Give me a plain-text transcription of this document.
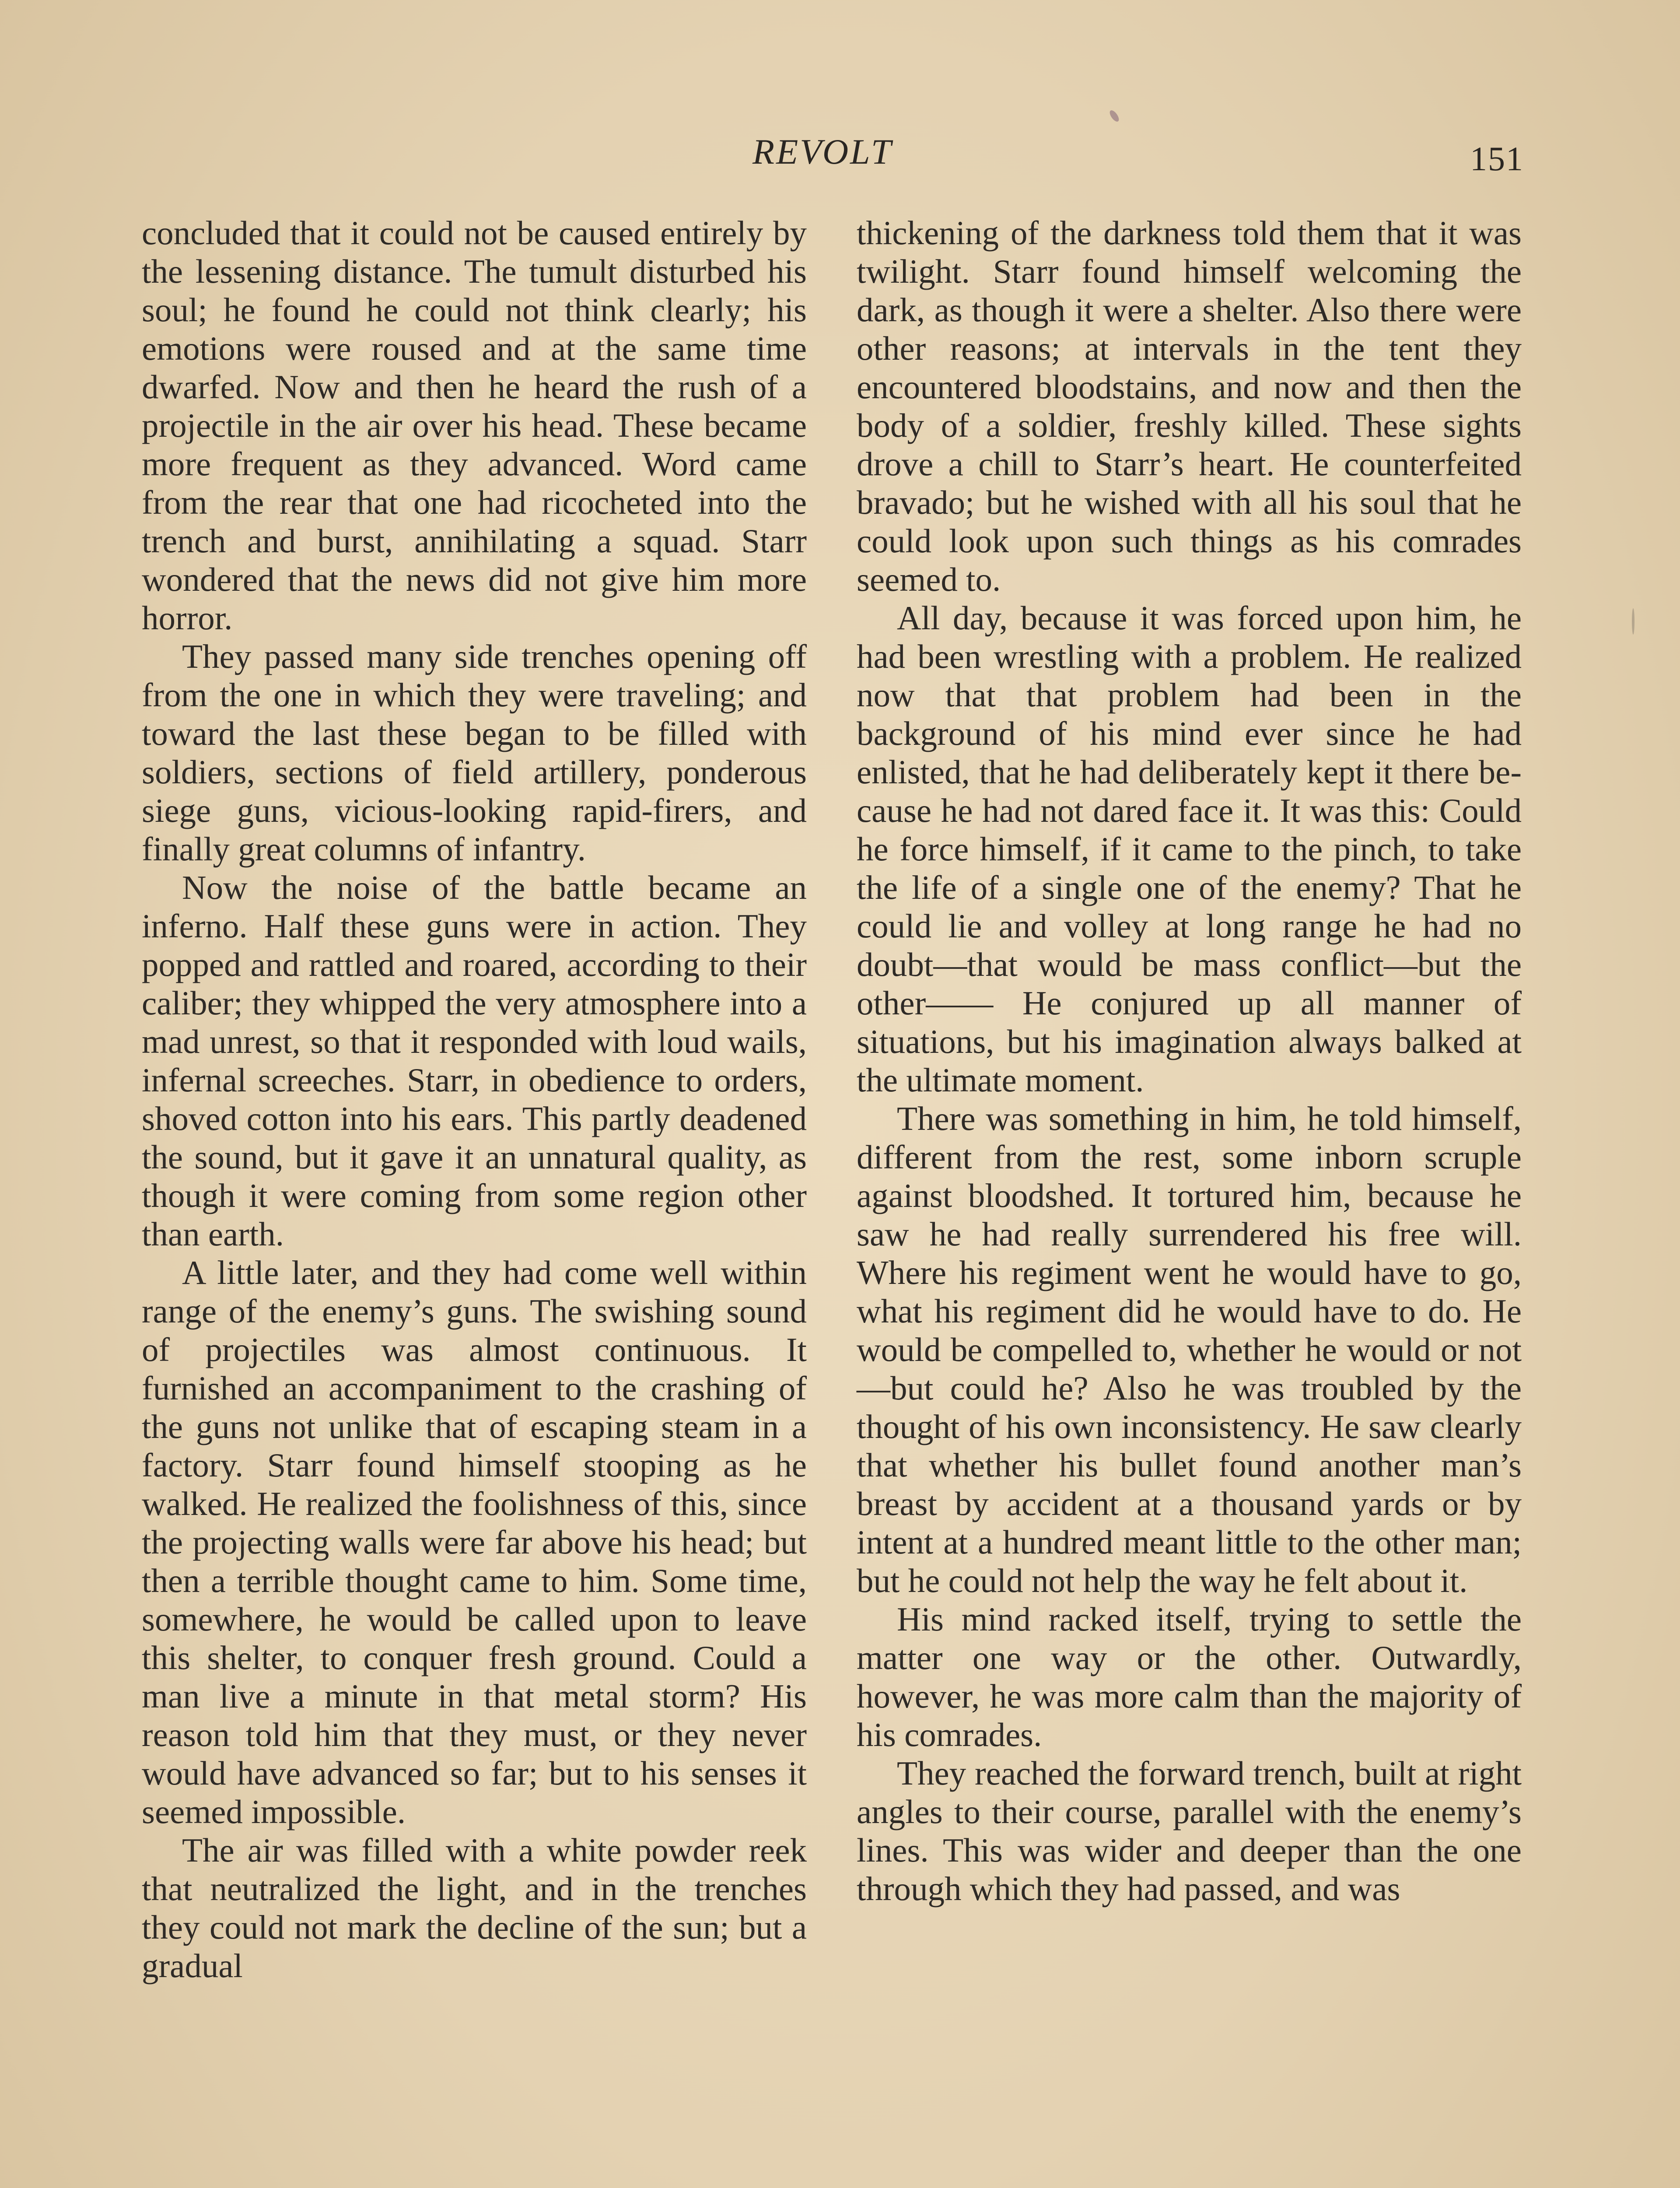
REVOLT	151

concluded that it could not be caused entirely by the lessening distance. The tumult disturbed his soul; he found he could not think clearly; his emotions were roused and at the same time dwarfed. Now and then he heard the rush of a projectile in the air over his head. These became more frequent as they advanced. Word came from the rear that one had ricocheted into the trench and burst, annihilating a squad. Starr wondered that the news did not give him more horror.

They passed many side trenches opening off from the one in which they were traveling; and toward the last these began to be filled with soldiers, sections of field artillery, ponderous siege guns, vicious-looking rapid-firers, and finally great columns of infantry.

Now the noise of the battle became an inferno. Half these guns were in action. They popped and rattled and roared, according to their caliber; they whipped the very atmosphere into a mad unrest, so that it responded with loud wails, infernal screeches. Starr, in obedience to orders, shoved cotton into his ears. This partly deadened the sound, but it gave it an unnatural quality, as though it were coming from some region other than earth.

A little later, and they had come well within range of the enemy’s guns. The swishing sound of projectiles was almost continuous. It furnished an accompaniment to the crashing of the guns not unlike that of escaping steam in a factory. Starr found himself stooping as he walked. He realized the foolishness of this, since the projecting walls were far above his head; but then a terrible thought came to him. Some time, somewhere, he would be called upon to leave this shelter, to conquer fresh ground. Could a man live a minute in that metal storm? His reason told him that they must, or they never would have advanced so far; but to his senses it seemed impossible.

The air was filled with a white powder reek that neutralized the light, and in the trenches they could not mark the decline of the sun; but a gradual

thickening of the darkness told them that it was twilight. Starr found himself welcoming the dark, as though it were a shelter. Also there were other reasons; at intervals in the tent they encountered bloodstains, and now and then the body of a soldier, freshly killed. These sights drove a chill to Starr’s heart. He counterfeited bravado; but he wished with all his soul that he could look upon such things as his comrades seemed to.

All day, because it was forced upon him, he had been wrestling with a problem. He realized now that that problem had been in the background of his mind ever since he had enlisted, that he had deliberately kept it there because he had not dared face it. It was this: Could he force himself, if it came to the pinch, to take the life of a single one of the enemy? That he could lie and volley at long range he had no doubt—that would be mass conflict—but the other—— He conjured up all manner of situations, but his imagination always balked at the ultimate moment.

There was something in him, he told himself, different from the rest, some inborn scruple against bloodshed. It tortured him, because he saw he had really surrendered his free will. Where his regiment went he would have to go, what his regiment did he would have to do. He would be compelled to, whether he would or not—but could he? Also he was troubled by the thought of his own inconsistency. He saw clearly that whether his bullet found another man’s breast by accident at a thousand yards or by intent at a hundred meant little to the other man; but he could not help the way he felt about it.

His mind racked itself, trying to settle the matter one way or the other. Outwardly, however, he was more calm than the majority of his comrades.

They reached the forward trench, built at right angles to their course, parallel with the enemy’s lines. This was wider and deeper than the one through which they had passed, and was
